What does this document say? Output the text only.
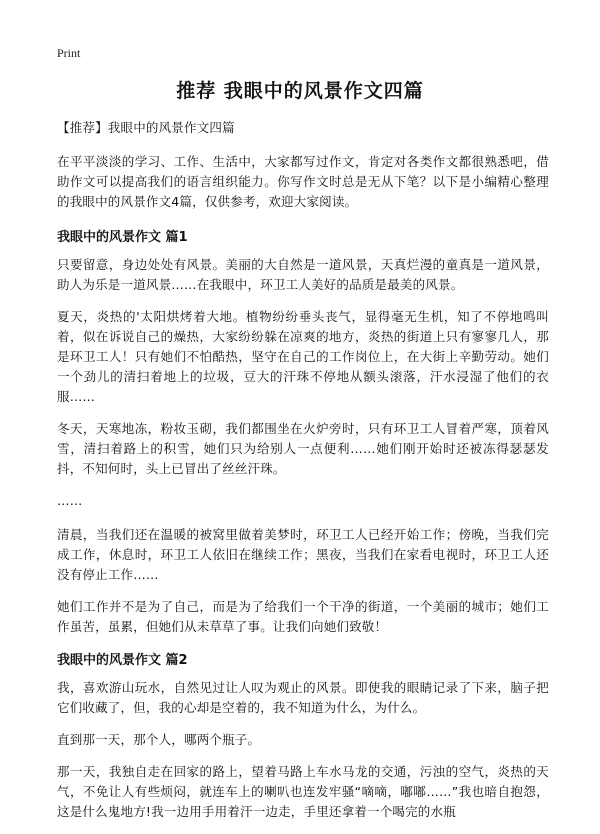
Print
推荐 我眼中的风景作文四篇

【推荐】我眼中的风景作文四篇

在平平淡淡的学习、工作、生活中，大家都写过作文，肯定对各类作文都很熟悉吧，借助作文可以提高我们的语言组织能力。你写作文时总是无从下笔？以下是小编精心整理的我眼中的风景作文4篇，仅供参考，欢迎大家阅读。

我眼中的风景作文 篇1

只要留意，身边处处有风景。美丽的大自然是一道风景，天真烂漫的童真是一道风景，助人为乐是一道风景……在我眼中，环卫工人美好的品质是最美的风景。

夏天，炎热的'太阳烘烤着大地。植物纷纷垂头丧气，显得毫无生机，知了不停地鸣叫着，似在诉说自己的燥热，大家纷纷躲在凉爽的地方，炎热的街道上只有寥寥几人，那是环卫工人！只有她们不怕酷热，坚守在自己的工作岗位上，在大街上辛勤劳动。她们一个劲儿的清扫着地上的垃圾，豆大的汗珠不停地从额头滚落，汗水浸湿了他们的衣服……

冬天，天寒地冻，粉妆玉砌，我们都围坐在火炉旁时，只有环卫工人冒着严寒，顶着风雪，清扫着路上的积雪，她们只为给别人一点便利……她们刚开始时还被冻得瑟瑟发抖，不知何时，头上已冒出了丝丝汗珠。

……

清晨，当我们还在温暖的被窝里做着美梦时，环卫工人已经开始工作；傍晚，当我们完成工作，休息时，环卫工人依旧在继续工作；黑夜，当我们在家看电视时，环卫工人还没有停止工作……

她们工作并不是为了自己，而是为了给我们一个干净的街道，一个美丽的城市；她们工作虽苦，虽累，但她们从未草草了事。让我们向她们致敬！

我眼中的风景作文 篇2

我，喜欢游山玩水，自然见过让人叹为观止的风景。即使我的眼睛记录了下来，脑子把它们收藏了，但，我的心却是空着的，我不知道为什么，为什么。

直到那一天，那个人，哪两个瓶子。

那一天，我独自走在回家的路上，望着马路上车水马龙的交通，污浊的空气，炎热的天气，不免让人有些烦闷，就连车上的喇叭也连发牢骚“嘀嘀，嘟嘟……”我也暗自抱怨，这是什么鬼地方!我一边用手用着汗一边走，手里还拿着一个喝完的水瓶
